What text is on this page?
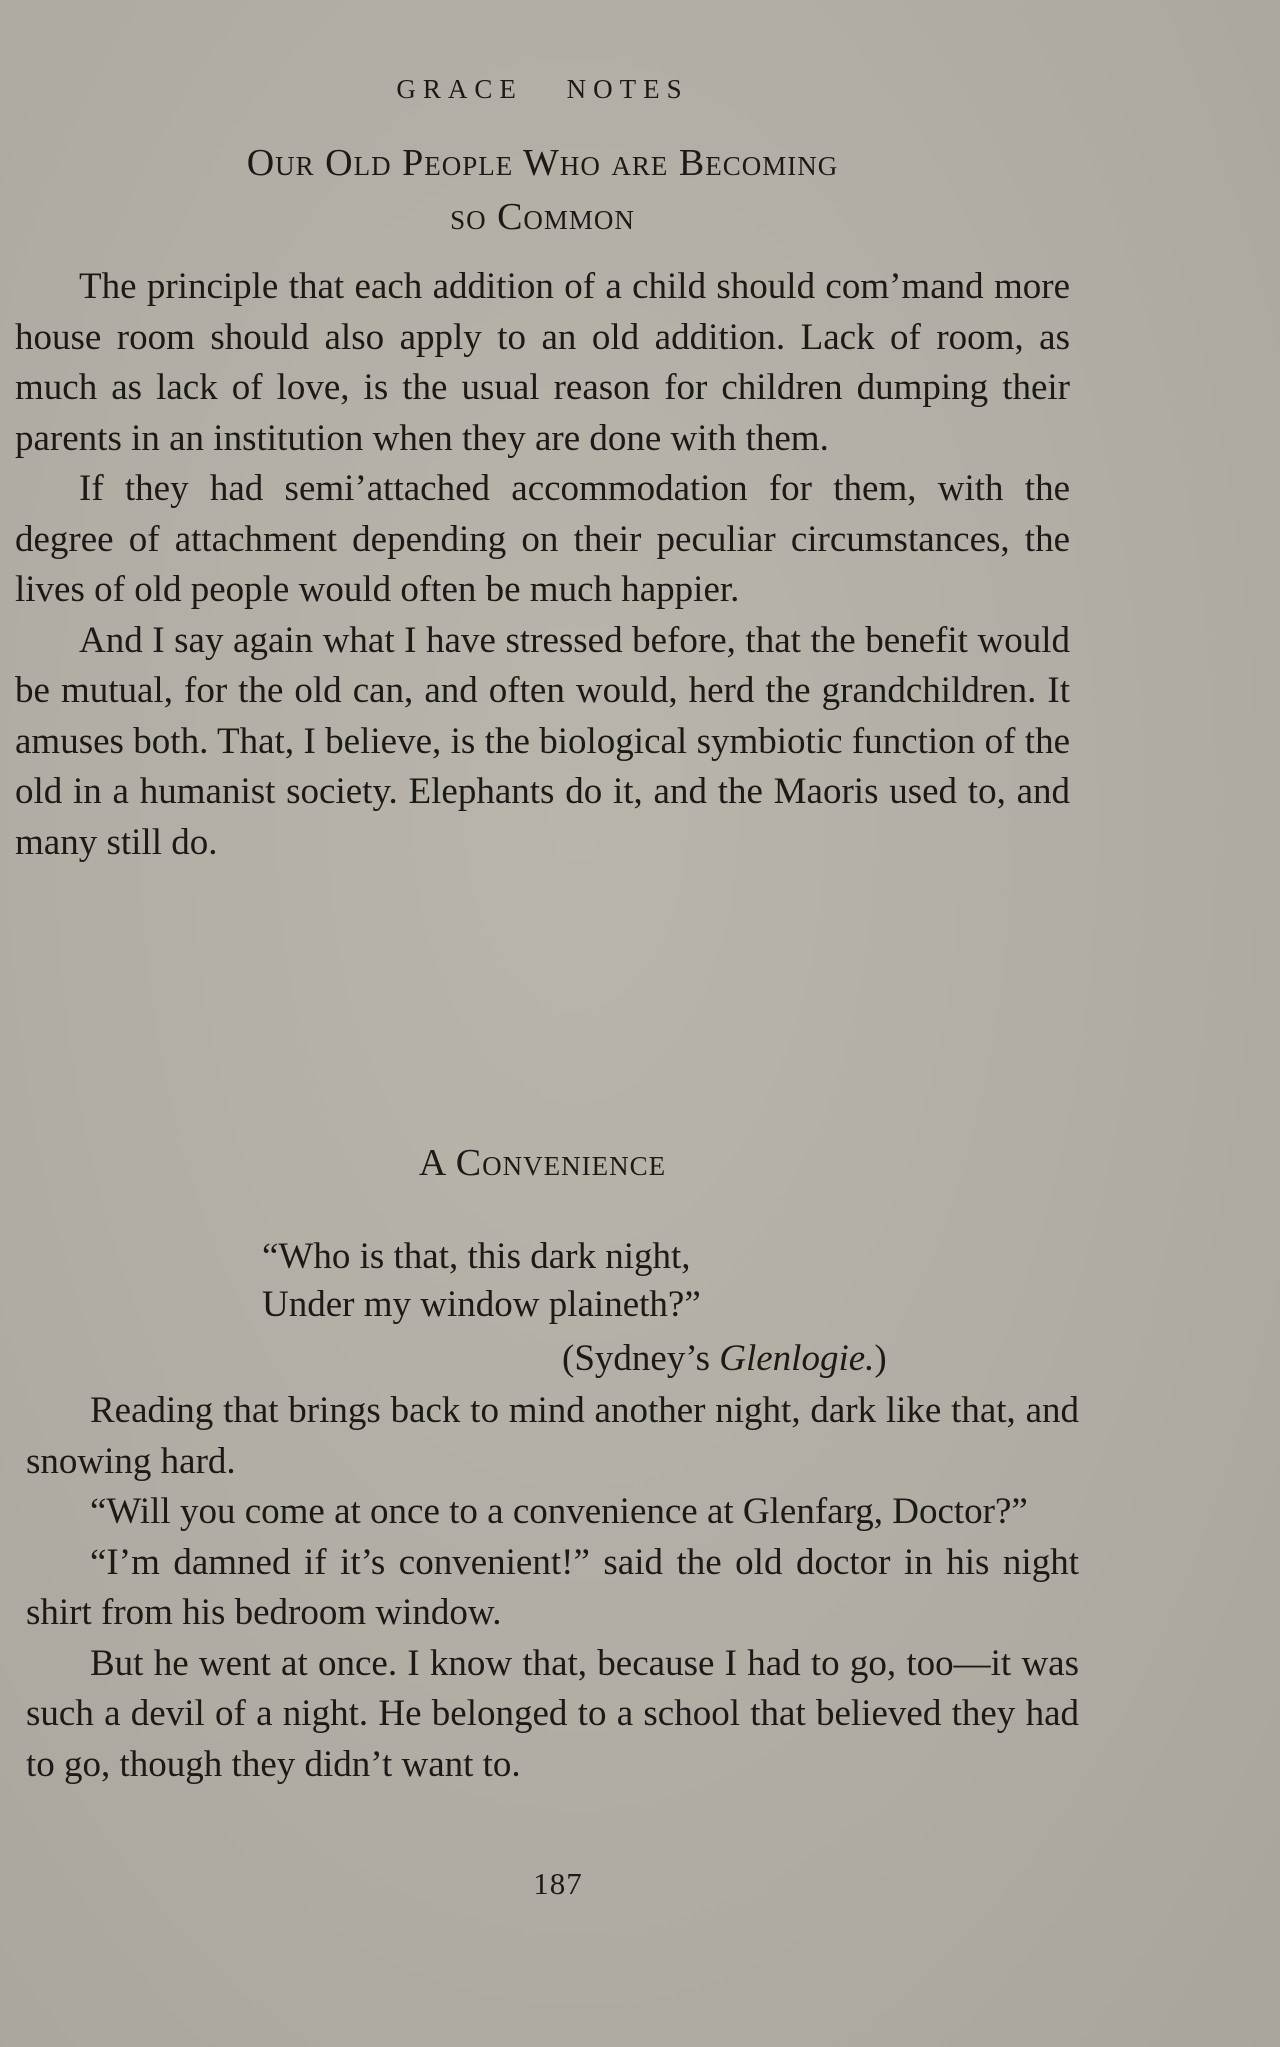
GRACE NOTES
Our Old People Who are Becoming
so Common

The principle that each addition of a child should com’mand more house room should also apply to an old addition. Lack of room, as much as lack of love, is the usual reason for children dumping their parents in an institution when they are done with them.

If they had semi’attached accommodation for them, with the degree of attachment depending on their peculiar circumstances, the lives of old people would often be much happier.

And I say again what I have stressed before, that the benefit would be mutual, for the old can, and often would, herd the grandchildren. It amuses both. That, I believe, is the biological symbiotic function of the old in a humanist society. Elephants do it, and the Maoris used to, and many still do.

A Convenience
“Who is that, this dark night,
Under my window plaineth?”
(Sydney’s Glenlogie.)

Reading that brings back to mind another night, dark like that, and snowing hard.

“Will you come at once to a convenience at Glenfarg, Doctor?”

“I’m damned if it’s convenient!” said the old doctor in his night shirt from his bedroom window.

But he went at once. I know that, because I had to go, too—it was such a devil of a night. He belonged to a school that believed they had to go, though they didn’t want to.

187
